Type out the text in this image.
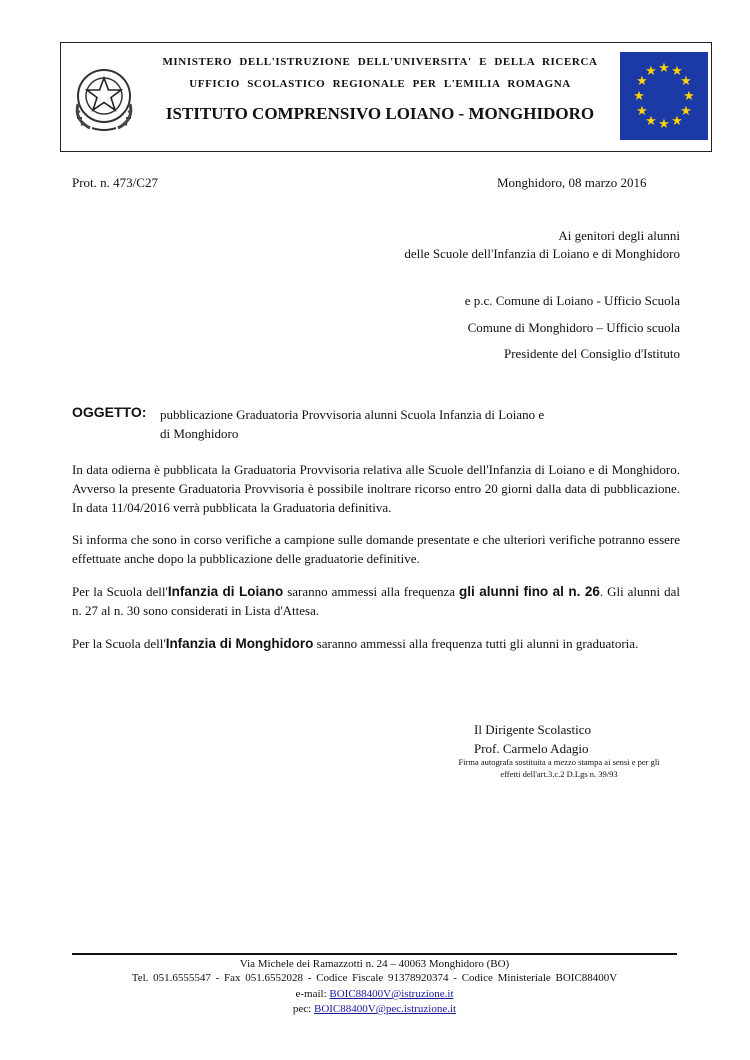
★ ★
★
★
★
★
★
★
★
★
★
★
MINISTERO DELL'ISTRUZIONE DELL'UNIVERSITA' E DELLA RICERCA
UFFICIO SCOLASTICO REGIONALE PER L'EMILIA ROMAGNA
ISTITUTO COMPRENSIVO LOIANO - MONGHIDORO
Prot. n. 473/C27	Monghidoro, 08 marzo 2016
Ai genitori degli alunni
delle Scuole dell'Infanzia di Loiano e di Monghidoro
e p.c. Comune di Loiano - Ufficio Scuola
Comune di Monghidoro – Ufficio scuola
Presidente del Consiglio d'Istituto
OGGETTO: pubblicazione Graduatoria Provvisoria alunni Scuola Infanzia di Loiano e
di Monghidoro
In data odierna è pubblicata la Graduatoria Provvisoria relativa alle Scuole dell'Infanzia di Loiano e di Monghidoro. Avverso la presente Graduatoria Provvisoria è possibile inoltrare ricorso entro 20 giorni dalla data di pubblicazione. In data 11/04/2016 verrà pubblicata la Graduatoria definitiva.
Si informa che sono in corso verifiche a campione sulle domande presentate e che ulteriori verifiche potranno essere effettuate anche dopo la pubblicazione delle graduatorie definitive.
Per la Scuola dell'Infanzia di Loiano saranno ammessi alla frequenza gli alunni fino al n. 26. Gli alunni dal n. 27 al n. 30 sono considerati in Lista d'Attesa.
Per la Scuola dell'Infanzia di Monghidoro saranno ammessi alla frequenza tutti gli alunni in graduatoria.
Il Dirigente Scolastico
Prof. Carmelo Adagio
Firma autografa sostituita a mezzo stampa ai sensi e per gli
effetti dell'art.3.c.2 D.Lgs n. 39/93
Via Michele dei Ramazzotti n. 24 – 40063 Monghidoro (BO)
Tel. 051.6555547 - Fax 051.6552028 - Codice Fiscale 91378920374 - Codice Ministeriale BOIC88400V
e-mail: BOIC88400V@istruzione.it
pec: BOIC88400V@pec.istruzione.it
